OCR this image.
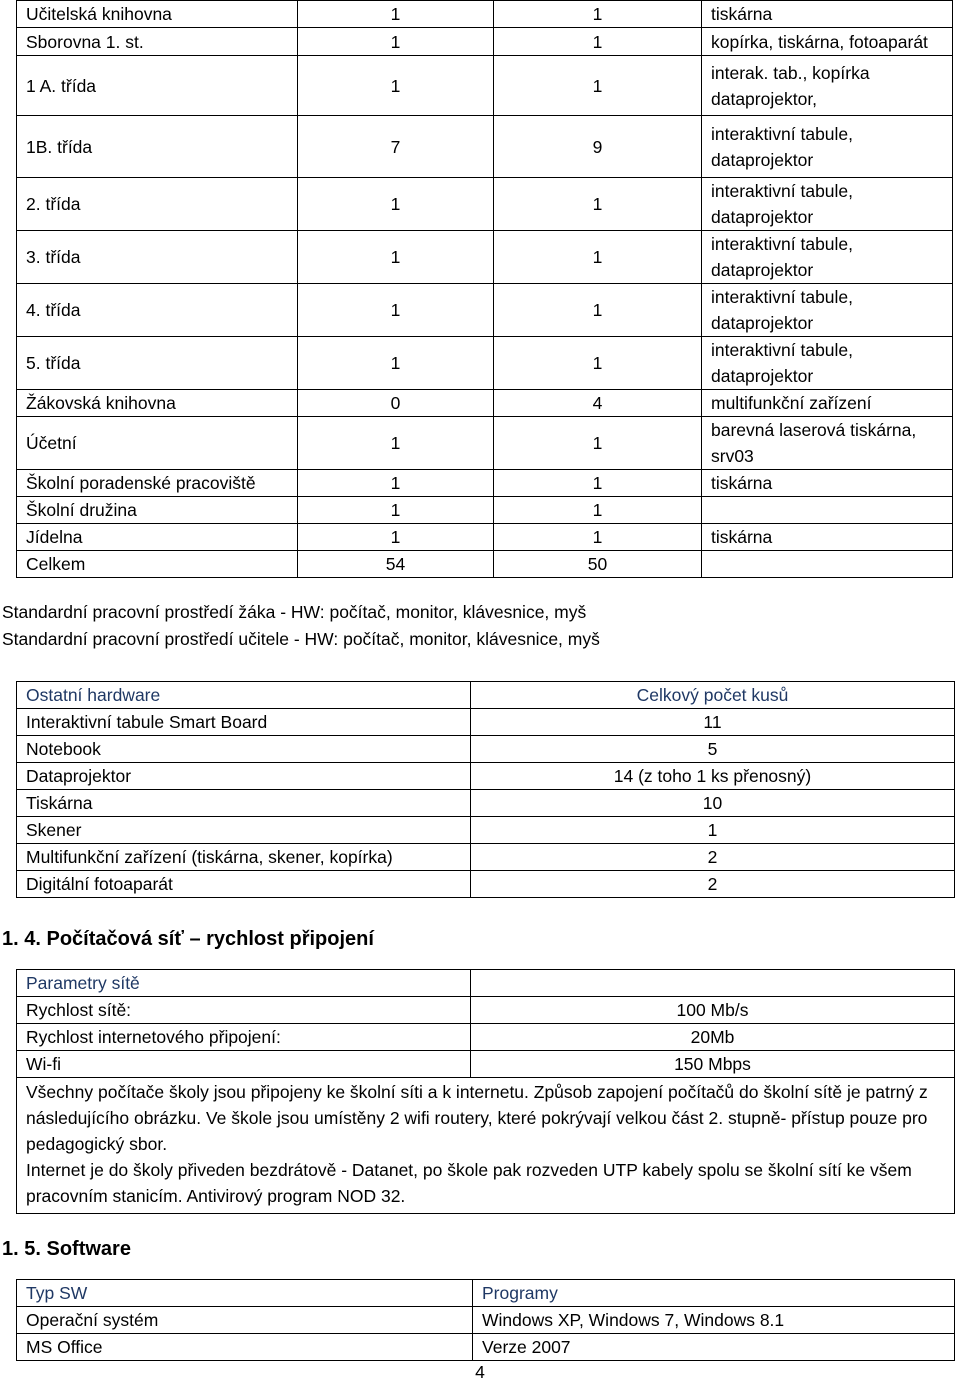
Učitelská knihovna	1	1	tiskárna
Sborovna 1. st.	1	1	kopírka, tiskárna, fotoaparát
1 A. třída	1	1	interak. tab., kopírka dataprojektor,
1B. třída	7	9	interaktivní tabule, dataprojektor
2. třída	1	1	interaktivní tabule, dataprojektor
3. třída	1	1	interaktivní tabule, dataprojektor
4. třída	1	1	interaktivní tabule, dataprojektor
5. třída	1	1	interaktivní tabule, dataprojektor
Žákovská knihovna	0	4	multifunkční zařízení
Účetní	1	1	barevná laserová tiskárna, srv03
Školní poradenské pracoviště	1	1	tiskárna
Školní družina	1	1	
Jídelna	1	1	tiskárna
Celkem	54	50	
Standardní pracovní prostředí žáka - HW: počítač, monitor, klávesnice, myš
Standardní pracovní prostředí učitele - HW: počítač, monitor, klávesnice, myš
Ostatní hardware	Celkový počet kusů
Interaktivní tabule Smart Board	11
Notebook	5
Dataprojektor	14 (z toho 1 ks přenosný)
Tiskárna	10
Skener	1
Multifunkční zařízení (tiskárna, skener, kopírka)	2
Digitální fotoaparát	2
1. 4. Počítačová síť – rychlost připojení
Parametry sítě	
Rychlost sítě:	100 Mb/s
Rychlost internetového připojení:	20Mb
Wi-fi	150 Mbps

Všechny počítače školy jsou připojeny ke školní síti a k internetu. Způsob zapojení počítačů do školní sítě je patrný z následujícího obrázku. Ve škole jsou umístěny 2 wifi routery, které pokrývají velkou část 2. stupně- přístup pouze pro pedagogický sbor.
Internet je do školy přiveden bezdrátově - Datanet, po škole pak rozveden UTP kabely spolu se školní sítí ke všem pracovním stanicím. Antivirový program NOD 32.	
1. 5. Software
Typ SW	Programy
Operační systém	Windows XP, Windows 7, Windows 8.1
MS Office	Verze 2007
4
